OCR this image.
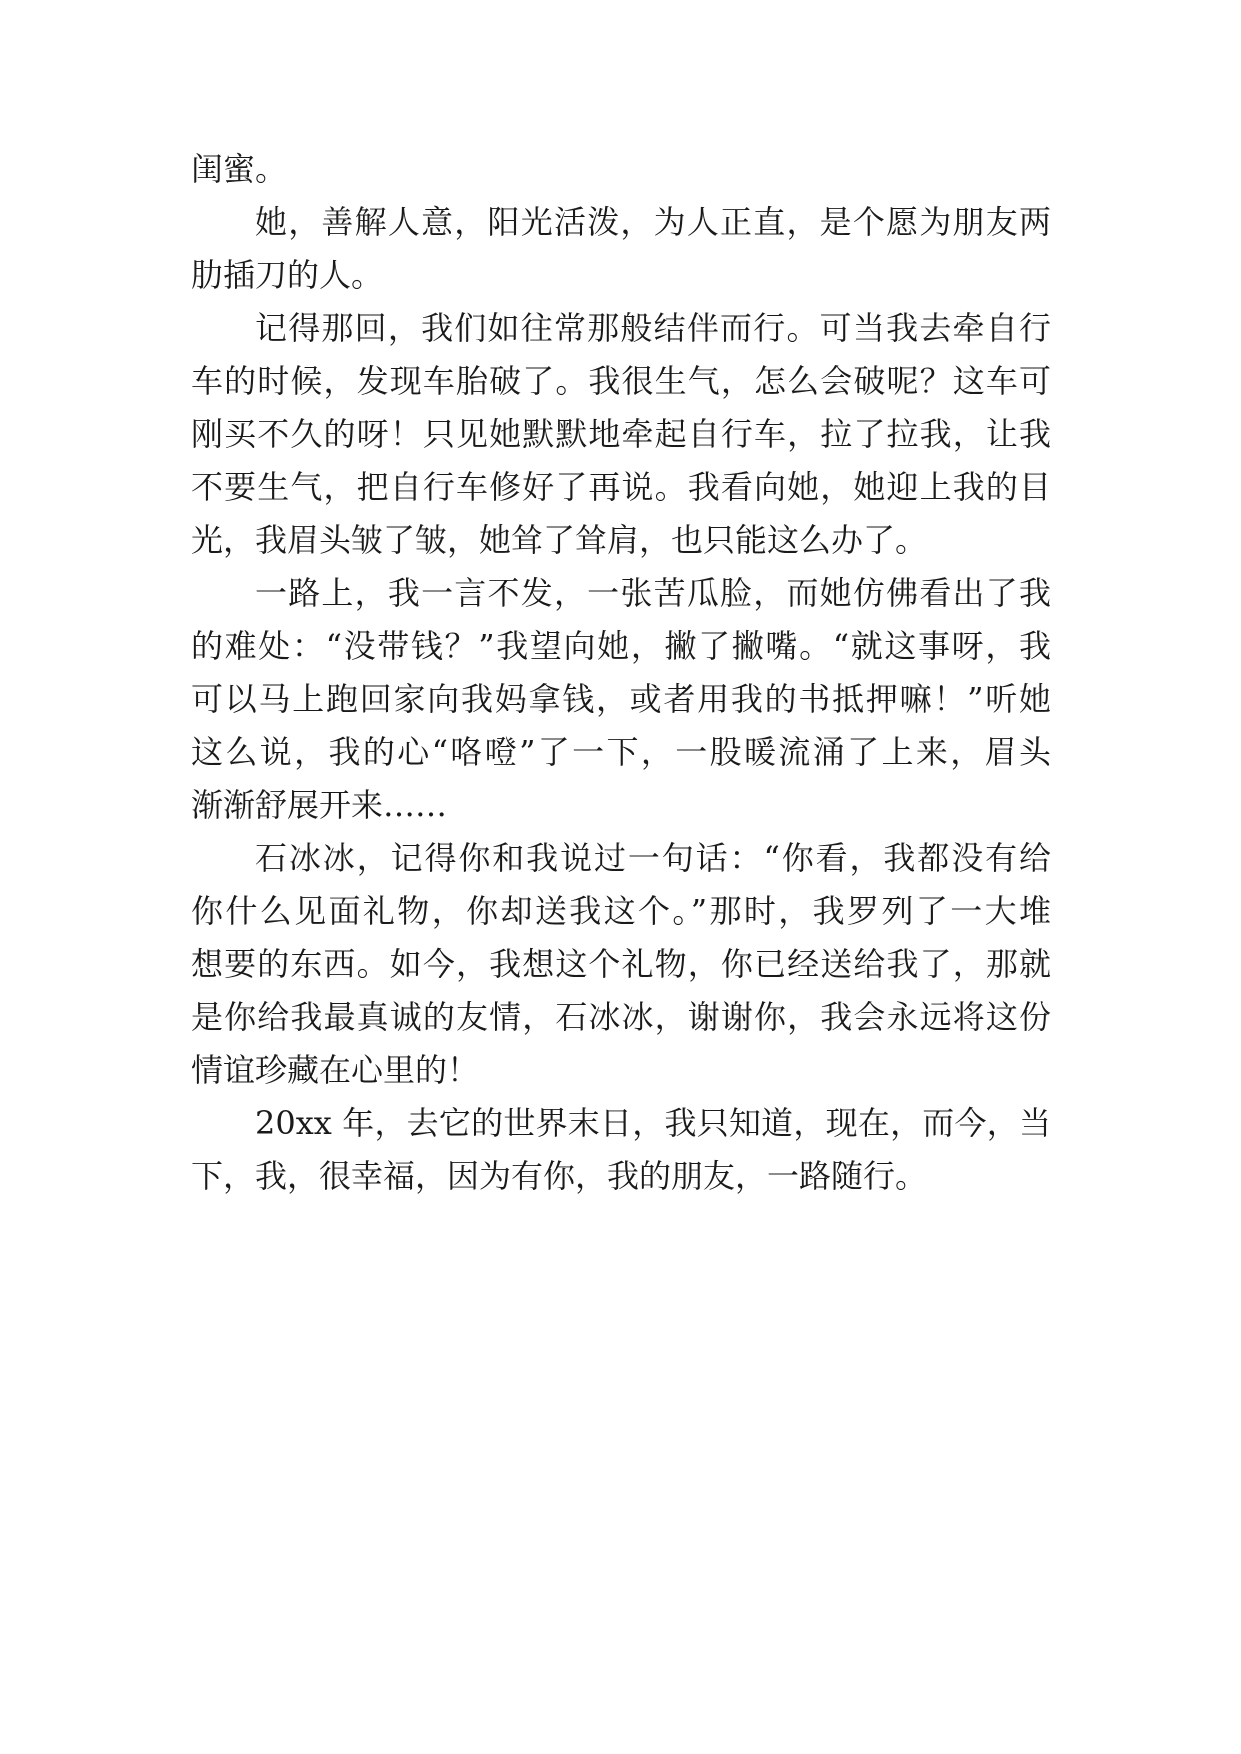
闺蜜。

她，善解人意，阳光活泼，为人正直，是个愿为朋友两

肋插刀的人。

记得那回，我们如往常那般结伴而行。可当我去牵自行

车的时候，发现车胎破了。我很生气，怎么会破呢？这车可

刚买不久的呀！只见她默默地牵起自行车，拉了拉我，让我

不要生气，把自行车修好了再说。我看向她，她迎上我的目

光，我眉头皱了皱，她耸了耸肩，也只能这么办了。

一路上，我一言不发，一张苦瓜脸，而她仿佛看出了我

的难处：“没带钱？”我望向她，撇了撇嘴。“就这事呀，我

可以马上跑回家向我妈拿钱，或者用我的书抵押嘛！”听她

这么说，我的心“咯噔”了一下，一股暖流涌了上来，眉头

渐渐舒展开来……

石冰冰，记得你和我说过一句话：“你看，我都没有给

你什么见面礼物，你却送我这个。”那时，我罗列了一大堆

想要的东西。如今，我想这个礼物，你已经送给我了，那就

是你给我最真诚的友情，石冰冰，谢谢你，我会永远将这份

情谊珍藏在心里的！

20xx 年，去它的世界末日，我只知道，现在，而今，当

下，我，很幸福，因为有你，我的朋友，一路随行。
